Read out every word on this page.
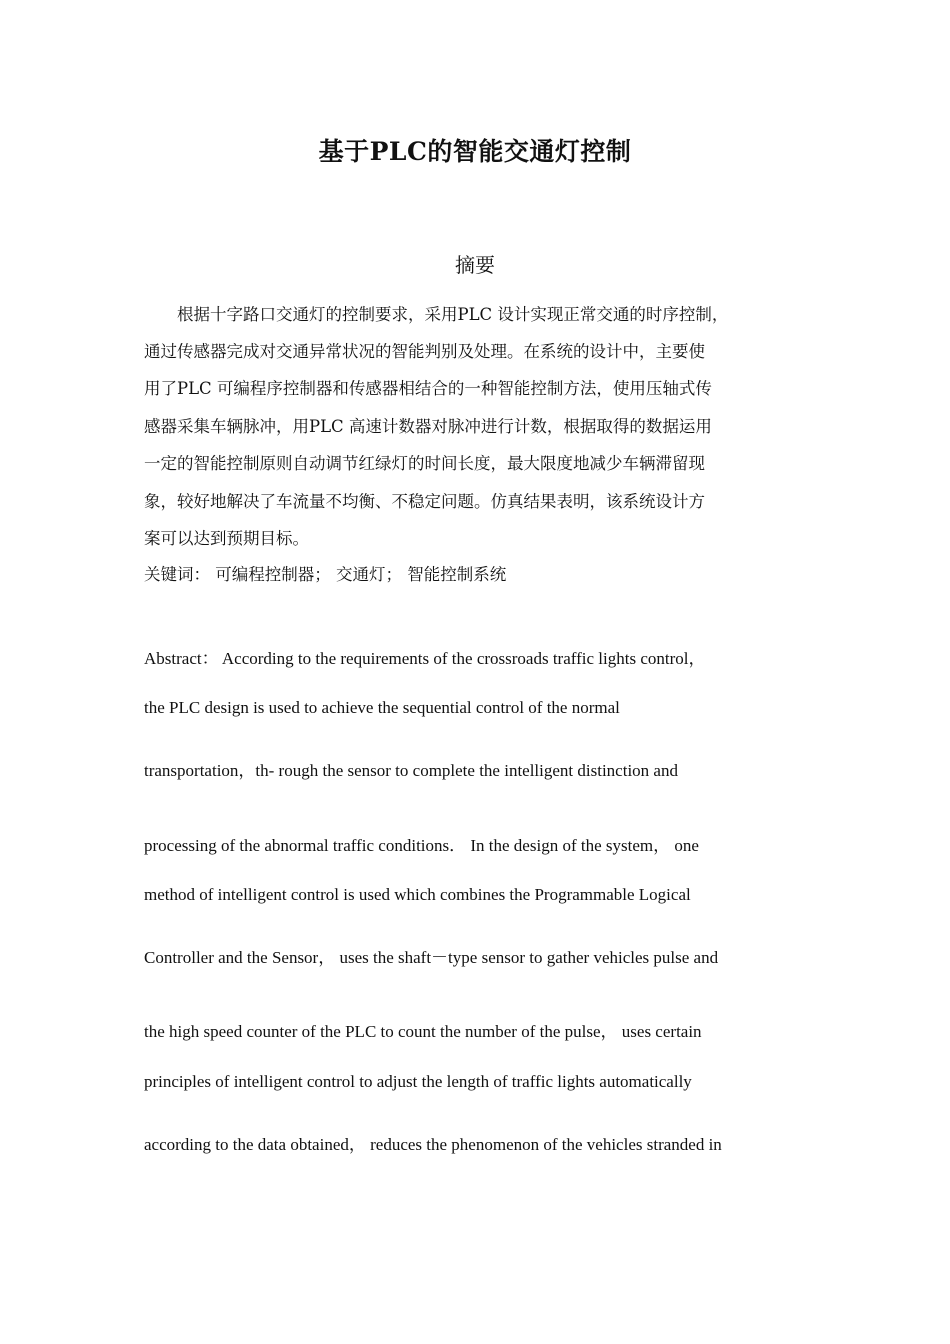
基于PLC的智能交通灯控制
摘要
根据十字路口交通灯的控制要求，采用PLC 设计实现正常交通的时序控制，
通过传感器完成对交通异常状况的智能判别及处理。在系统的设计中，主要使
用了PLC 可编程序控制器和传感器相结合的一种智能控制方法，使用压轴式传
感器采集车辆脉冲，用PLC 高速计数器对脉冲进行计数，根据取得的数据运用
一定的智能控制原则自动调节红绿灯的时间长度，最大限度地减少车辆滞留现
象，较好地解决了车流量不均衡、不稳定问题。仿真结果表明，该系统设计方
案可以达到预期目标。
关键词： 可编程控制器； 交通灯； 智能控制系统
Abstract： According to the requirements of the crossroads traffic lights control，
the PLC design is used to achieve the sequential control of the normal
transportation，th- rough the sensor to complete the intelligent distinction and
processing of the abnormal traffic conditions． In the design of the system， one
method of intelligent control is used which combines the Programmable Logical
Controller and the Sensor， uses the shaft－type sensor to gather vehicles pulse and
the high speed counter of the PLC to count the number of the pulse， uses certain
principles of intelligent control to adjust the length of traffic lights automatically
according to the data obtained， reduces the phenomenon of the vehicles stranded in
